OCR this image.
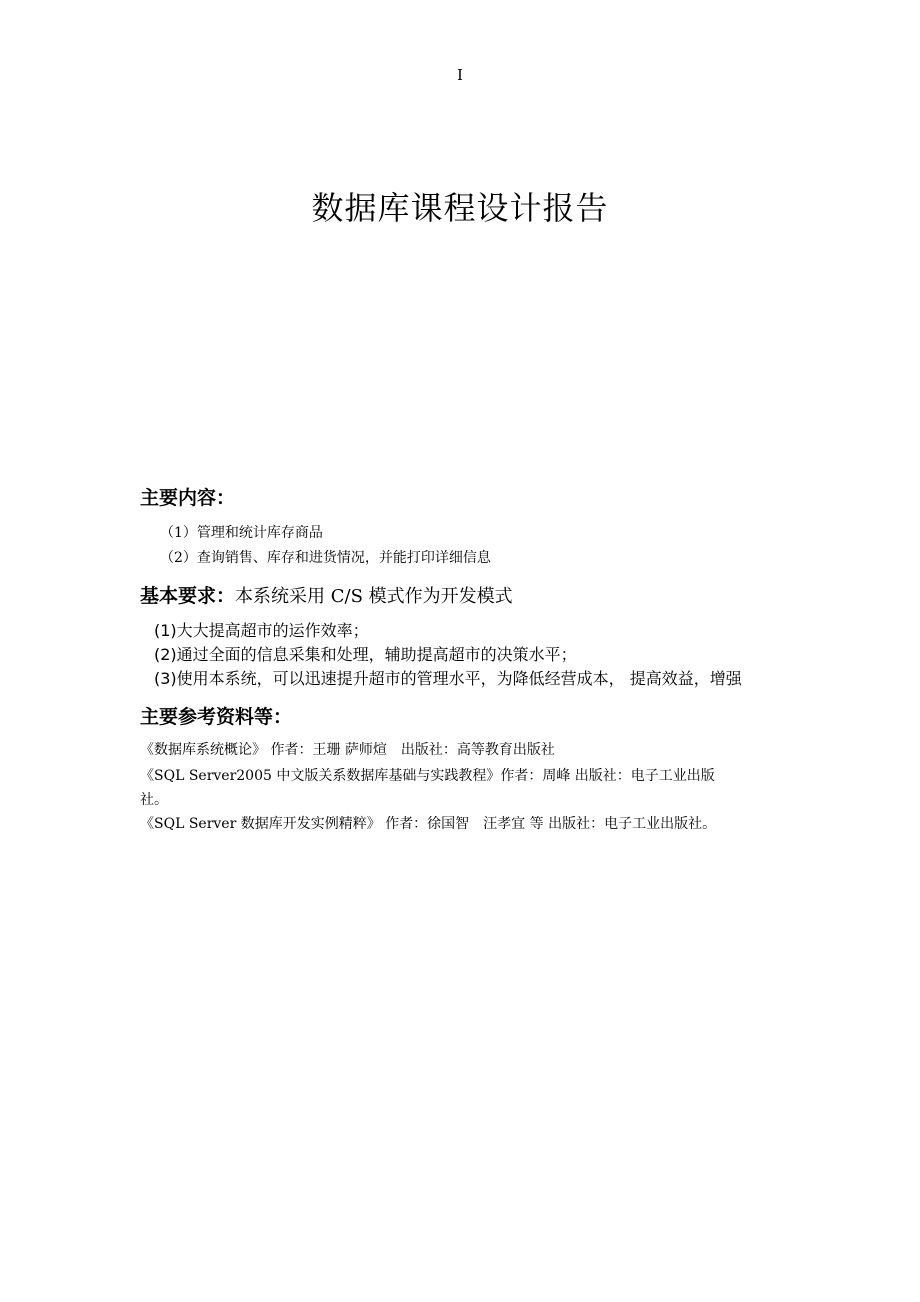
I
数据库课程设计报告
主要内容：
（1）管理和统计库存商品
（2）查询销售、库存和进货情况，并能打印详细信息
基本要求：本系统采用 C/S 模式作为开发模式
(1)大大提高超市的运作效率；
(2)通过全面的信息采集和处理，辅助提高超市的决策水平；
(3)使用本系统，可以迅速提升超市的管理水平，为降低经营成本， 提高效益，增强
主要参考资料等：
《数据库系统概论》 作者：王珊 萨师煊　出版社：高等教育出版社
《SQL Server2005 中文版关系数据库基础与实践教程》作者：周峰 出版社：电子工业出版
社。
《SQL Server 数据库开发实例精粹》 作者：徐国智　汪孝宜 等 出版社：电子工业出版社。
